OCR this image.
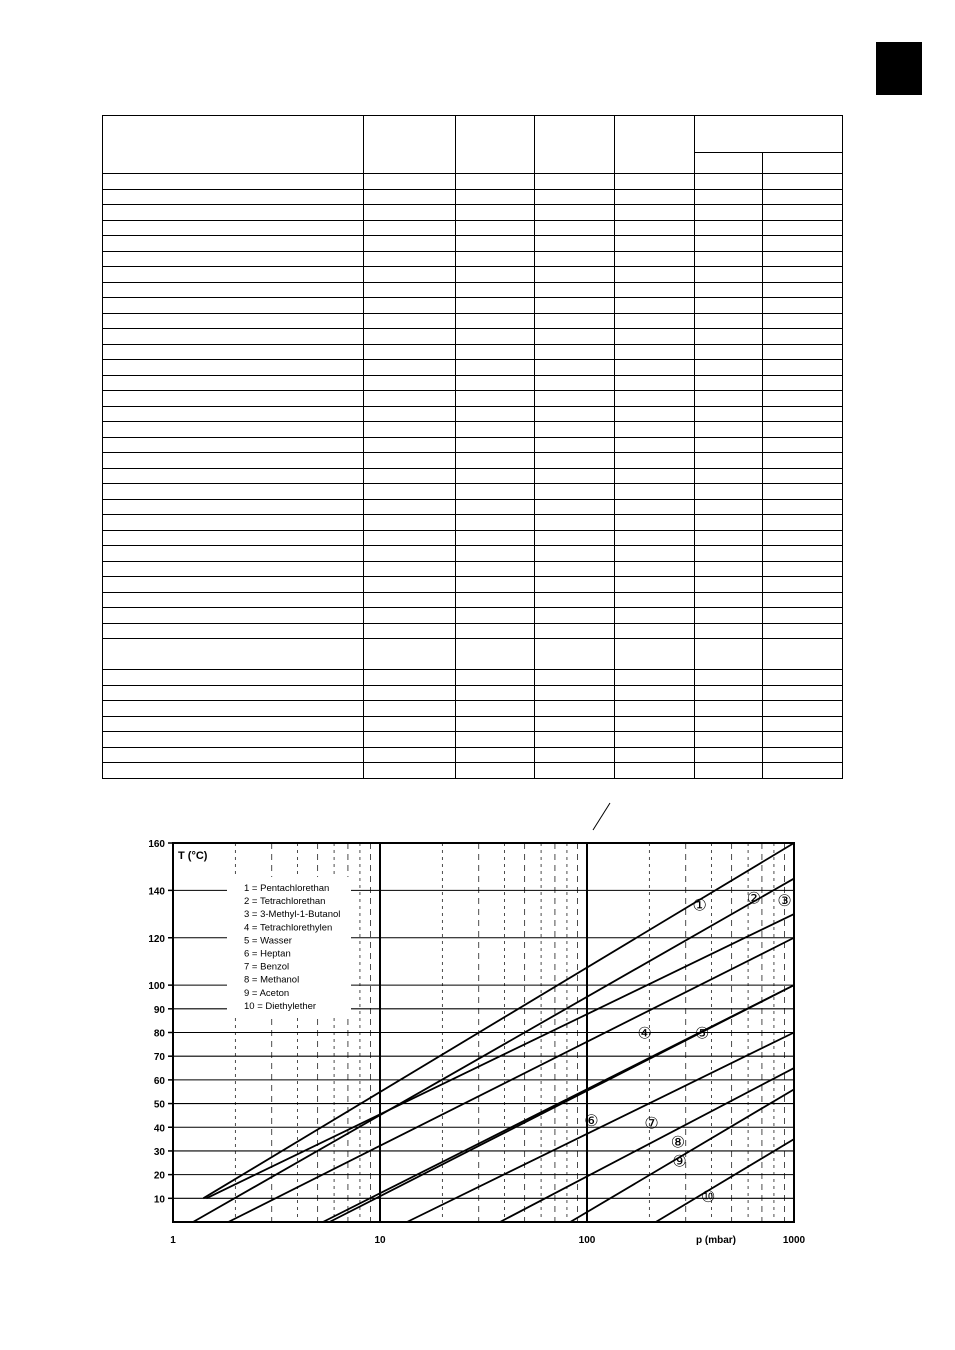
① ② ③
④	⑤
⑥	⑦
⑧
⑨
⑩
10
20
30
40
50
60
70
80
90
100
120
140
160
1	10	100	1000
p (mbar)
T (°C)
1 = Pentachlorethan
2 = Tetrachlorethan
3 = 3-Methyl-1-Butanol
4 = Tetrachlorethylen
5 = Wasser
6 = Heptan
7 = Benzol
8 = Methanol
9 = Aceton
10 = Diethylether
